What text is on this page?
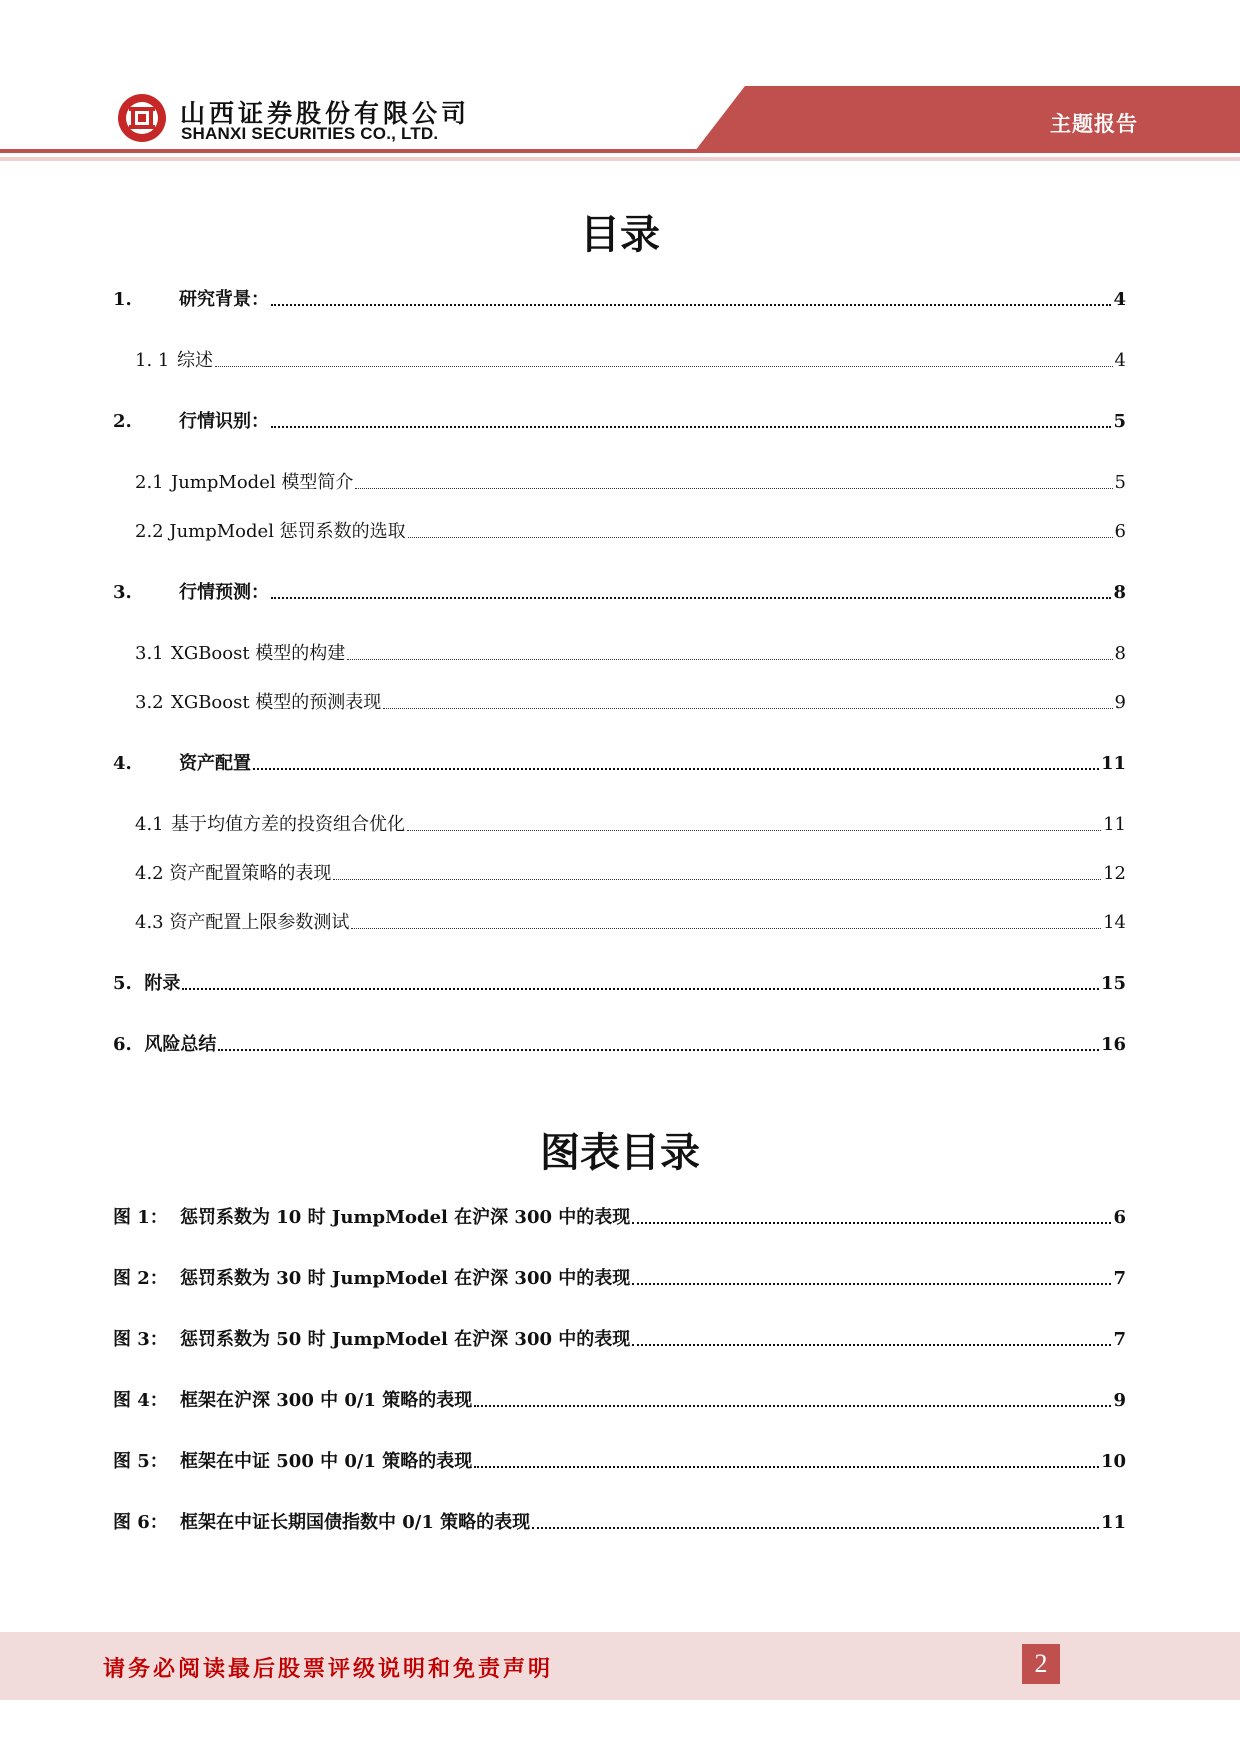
山西证券股份有限公司
SHANXI SECURITIES CO., LTD.	主题报告
目录
1.	研究背景：	4
1. 1 综述	4
2.	行情识别：	5
2.1 JumpModel 模型简介	5
2.2 JumpModel 惩罚系数的选取	6
3.	行情预测：	8
3.1 XGBoost 模型的构建	8
3.2 XGBoost 模型的预测表现	9
4.	资产配置	11
4.1 基于均值方差的投资组合优化	11
4.2 资产配置策略的表现	12
4.3 资产配置上限参数测试	14
5.  附录	15
6.  风险总结	16
图表目录
图 1： 惩罚系数为 10 时 JumpModel 在沪深 300 中的表现	6
图 2： 惩罚系数为 30 时 JumpModel 在沪深 300 中的表现	7
图 3： 惩罚系数为 50 时 JumpModel 在沪深 300 中的表现	7
图 4： 框架在沪深 300 中 0/1 策略的表现	9
图 5： 框架在中证 500 中 0/1 策略的表现	10
图 6： 框架在中证长期国债指数中 0/1 策略的表现	11
请务必阅读最后股票评级说明和免责声明	2
